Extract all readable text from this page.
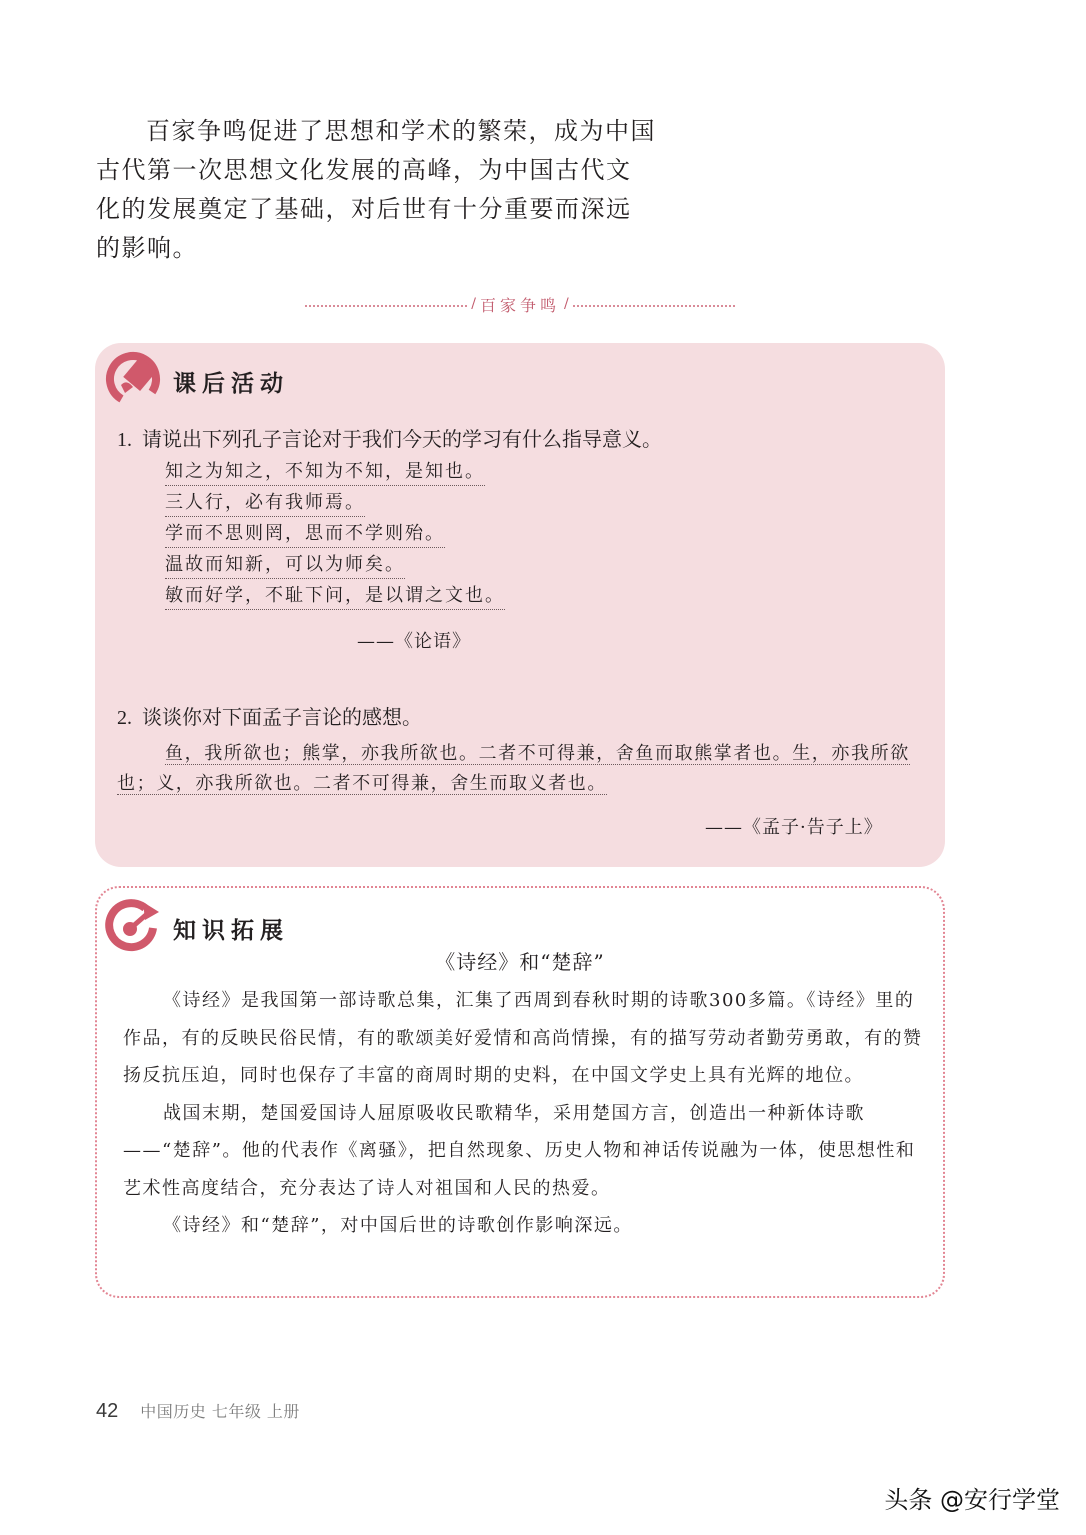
百家争鸣促进了思想和学术的繁荣，成为中国古代第一次思想文化发展的高峰，为中国古代文化的发展奠定了基础，对后世有十分重要而深远的影响。

/ 百家争鸣 /
课后活动
1. 请说出下列孔子言论对于我们今天的学习有什么指导意义。
知之为知之，不知为不知，是知也。
三人行，必有我师焉。
学而不思则罔，思而不学则殆。
温故而知新，可以为师矣。
敏而好学，不耻下问，是以谓之文也。
——《论语》
2. 谈谈你对下面孟子言论的感想。
鱼，我所欲也；熊掌，亦我所欲也。二者不可得兼，舍鱼而取熊掌者也。生，亦我所欲也；义，亦我所欲也。二者不可得兼，舍生而取义者也。
——《孟子·告子上》
知识拓展
《诗经》和“楚辞”

《诗经》是我国第一部诗歌总集，汇集了西周到春秋时期的诗歌300多篇。《诗经》里的作品，有的反映民俗民情，有的歌颂美好爱情和高尚情操，有的描写劳动者勤劳勇敢，有的赞扬反抗压迫，同时也保存了丰富的商周时期的史料，在中国文学史上具有光辉的地位。

战国末期，楚国爱国诗人屈原吸收民歌精华，采用楚国方言，创造出一种新体诗歌——“楚辞”。他的代表作《离骚》，把自然现象、历史人物和神话传说融为一体，使思想性和艺术性高度结合，充分表达了诗人对祖国和人民的热爱。

《诗经》和“楚辞”，对中国后世的诗歌创作影响深远。

42 中国历史 七年级 上册
头条 @安行学堂
